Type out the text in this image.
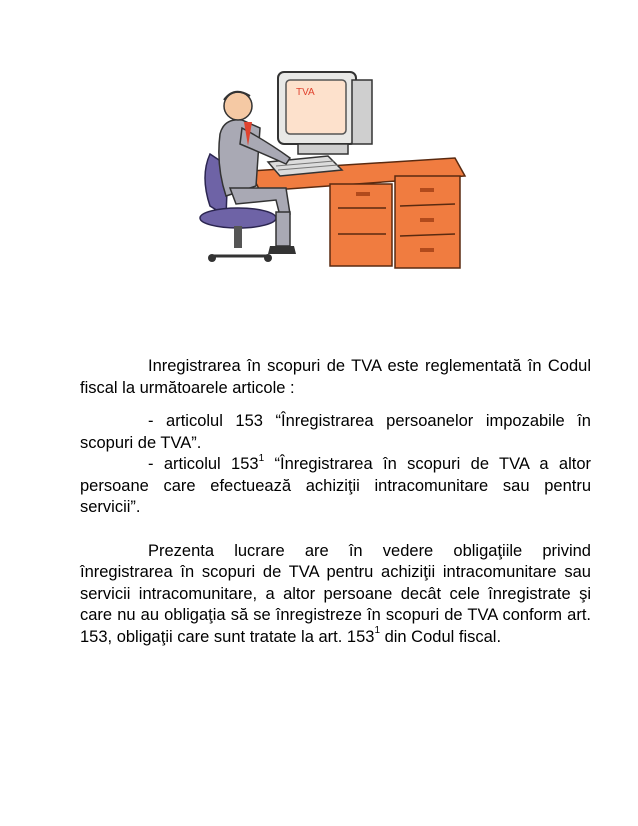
TVA

Inregistrarea în scopuri de TVA este reglementată în Codul fiscal la următoarele articole :

- articolul 153 “Înregistrarea persoanelor impozabile în scopuri de TVA”.

- articolul $153^1$ “Înregistrarea în scopuri de TVA a altor persoane care efectuează achiziţii intracomunitare sau pentru servicii”.

Prezenta lucrare are în vedere obligaţiile privind înregistrarea în scopuri de TVA pentru achiziţii intracomunitare sau servicii intracomunitare, a altor persoane decât cele înregistrate şi care nu au obligaţia să se înregistreze în scopuri de TVA conform art. 153, obligaţii care sunt tratate la art. $153^1$ din Codul fiscal.
